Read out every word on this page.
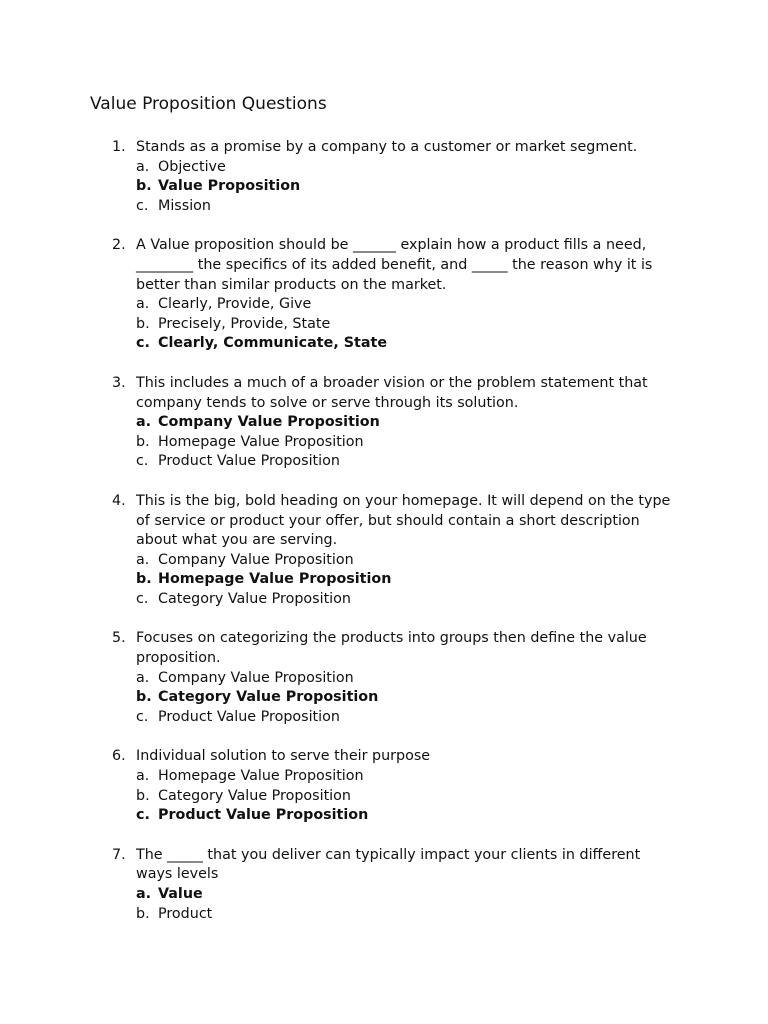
Value Proposition Questions
1. Stands as a promise by a company to a customer or market segment.
a. Objective
b. Value Proposition
c. Mission
2. A Value proposition should be ______ explain how a product fills a need, ________ the specifics of its added benefit, and _____ the reason why it is better than similar products on the market.
a. Clearly, Provide, Give
b. Precisely, Provide, State
c. Clearly, Communicate, State
3. This includes a much of a broader vision or the problem statement that company tends to solve or serve through its solution.
a. Company Value Proposition
b. Homepage Value Proposition
c. Product Value Proposition
4. This is the big, bold heading on your homepage. It will depend on the type of service or product your offer, but should contain a short description about what you are serving.
a. Company Value Proposition
b. Homepage Value Proposition
c. Category Value Proposition
5. Focuses on categorizing the products into groups then define the value proposition.
a. Company Value Proposition
b. Category Value Proposition
c. Product Value Proposition
6. Individual solution to serve their purpose
a. Homepage Value Proposition
b. Category Value Proposition
c. Product Value Proposition
7. The _____ that you deliver can typically impact your clients in different ways levels
a. Value
b. Product
